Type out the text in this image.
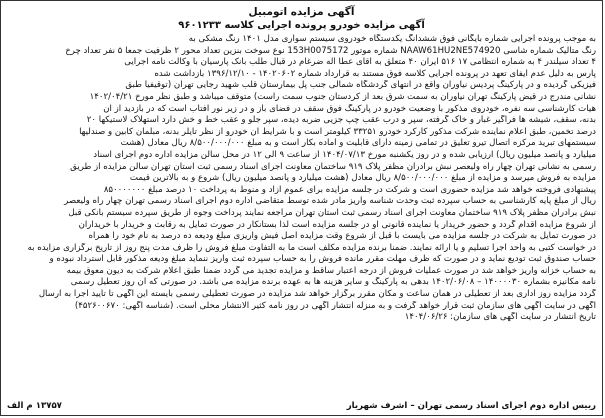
آگهی مزایده اتومبیل
آگهی مزایده خودرو پرونده اجرایی کلاسه ۹۶۰۱۲۳۳
به موجب پرونده اجرایی شماره بایگانی فوق ششدانگ یکدستگاه خودروی سیستم سواری مدل ۱۴۰۱ رنگ مشکی به
رنگ متالیک شماره شاسی NAAW61HU2NE574920 شماره موتور 153H0075172 نوع سوخت بنزین تعداد محور ۲ ظرفیت جمعاً ۵ نفر تعداد چرخ
۴ تعداد سیلندر ۴ به شماره انتظامی ۱۷ ۵۱۶ ایران ۴۰ متعلق به آقای عطا اله ضرغام در قبال طلب بانک پارسیان با وکالت نامه اجرایی
پارس به دلیل عدم ایفای تعهد در پرونده اجرایی کلاسه فوق مستند به قرارداد شماره ۱۴۰۲۰۶۰۲ - ۱۳۹۶/۱۲/۱۰ بازداشت شده
فیزیکی گردیده و در پارکینگ پردیس نیاوران واقع در انتهای گردشگاه شمالی جنب پل بیمارستان قلب شهید رجایی تهران (توقیفیا طبق
نشانی مندرج در قیض پارکینگ تهران نیاوران به سمت شرق بعد از کردستان جنوب سمت راست) متوقف میباشد و طبق نظر مورخ ۱۴۰۲/۰۴/۲۱
هیات کارشناسی سه نفره، خودروی مذکور با وضعیت خودرو در پارکینگ فوق سقف در فضای باز و در زیر نور آفتاب است که در بازدید از آن
بدنه، سقف، شیشه ها فراگیر غبار و خاک گرفته، سپر و درب عقب چپ جزیی ضربه دیده، سپر جلو و عقب خط و خش دارد استهلاک لاستیکها ۲۰
درصد تخمین، طبق اعلام نماینده شرکت مذکور کارکرد خودرو ۳۳۲۵۱ کیلومتر است و با شرایط آن خودرو از نظر تایلر بدنه، مبلمان کابین و صندلیها
سیستمهای تبرید مرکزه اتصال تیرو تعلیق در تمامی زمینه دارای قابلیت و آماده بکار است و به مبلغ ۸/۵۰۰/۰۰۰/۰۰۰ ریال معادل (هشت
میلیارد و پانصد میلیون ریال) ارزیابی شده و در روز یکشنبه مورخ ۱۴۰۴/۰۷/۱۳ از ساعت ۹ الی ۱۲ در محل سالن مزایده اداره دوم اجرای اسناد
رسمی به نشانی تهران چهار راه ولیعصر نبش برادران مظفر پلاک ۹۱۹ ساختمان معاونت اجرای اسناد رسمی ثبت استان تهران سالن مزایده از طریق
مزایده به فروش میرسد و مزایده از مبلغ ۸/۵۰۰/۰۰۰/۰۰۰ ریال معادل (هشت میلیارد و پانصد میلیون ریال) شروع و به بالاترین قیمت
پیشنهادی فروخته خواهد شد مزایده حضوری است و شرکت در جلسه مزایده برای عموم آزاد و منوط به پرداخت ۱۰ درصد مبلغ ۸۵۰۰۰۰۰۰۰
ریال از مبلغ پایه کارشناسی به حساب سپرده ثبت وحدت شناسه واریز مادر شده توسط متقاضی اداره دوم اجرای اسناد رسمی تهران چهار راه ولیعصر
نبش برادران مظفر پلاک ۹۱۹ ساختمان معاونت اجرای اسناد رسمی ثبت استان تهران مراجعه نمایند پرداخت وجوه از طریق سپرده سیستم بانکی قبل
از شروع مزایده اقدام گردد و حضور خریدار یا نماینده قانونی او در جلسه مزایده است لذا بستانکار در صورت تمایل به رقابت و خریدار با خریداران
در صورت تمایل به شرکت در جلسه مزایده می بایست با قبل از شروع وقت مزایده اصل فیش واریزی مبلغ ودیعه ده درصد به نام خود را همراه
در خواست کتبی به واحد اجرا تسلیم و یا ارائه نمایند. ضمنا برنده مزایده مکلف است ما به التفاوت مبلغ فروش را ظرف مدت پنج روز از تاریخ برگزاری مزایده به
حساب صندوق ثبت تودیع نماید و در صورت که ظرف مهلت مقرر مانده فروش را به حساب سپرده ثبت واریز ننماید مبلغ ودیعه مذکور قابل استرداد نبوده و
به حساب خزانه واریز خواهد شد در صورت عملیات فروش از درجه اعتبار ساقط و مزایده تجدید می گردد ضمنا طبق اعلام شرکت به دیون معوق بیمه
نامه مکانیزه بشماره ۱۴۰۰۰۰۳۰ – ۱۴۰۲/۰۶/۰۸ بدهی به پارکینگ و سایر هزینه ها به عهده برنده مزایده می باشد. در صورتی که آن روز تعطیل رسمی
گردد مزایده روز اداری بعد از تعطیلی در همان ساعت و مکان مقرر برگزار خواهد شد مزایده در صورت تعطیلی رسمی بایسته این آگهی تا تأیید اجرا به ارسال
آگهی در سایت آگهی های سازمان ثبت قرار خواهد گرفت و به منزله انتشار آگهی در روز نامه کثیر الانتشار محلی است. (شناسه آگهی: ۴۵۲۶۰۰۶۷۰)
تاریخ انتشار در سایت آگهی های سازمان: ۱۴۰۴/۰۶/۲۶
رییس اداره دوم اجرای اسناد رسمی تهران – اشرف شهریار
۱۳۷۵۷ م الف
